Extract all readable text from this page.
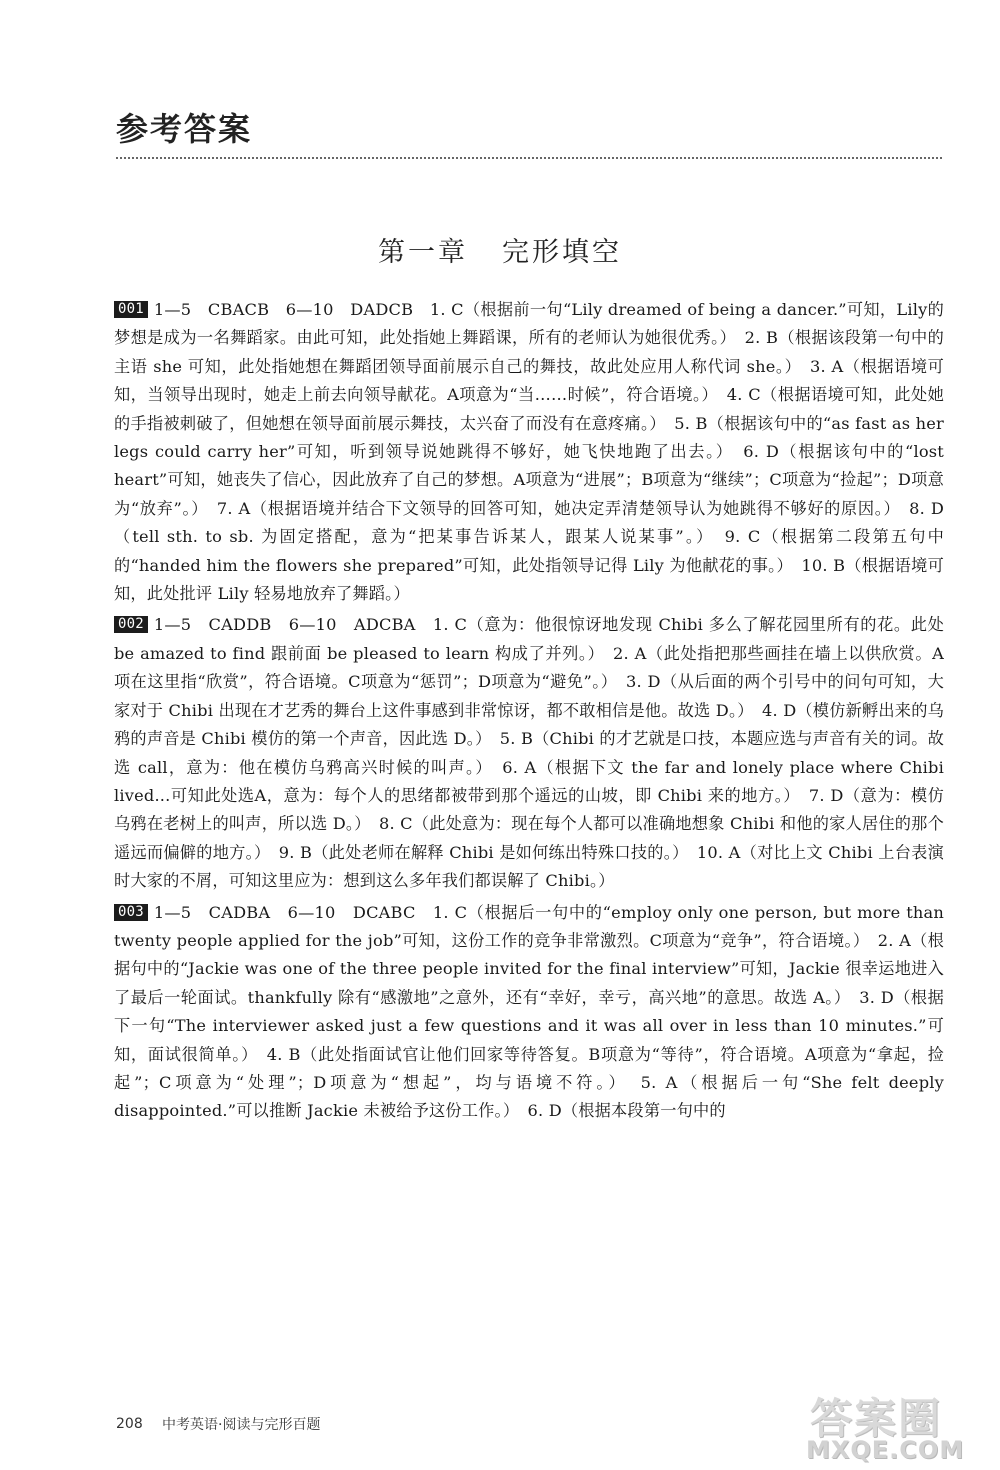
参考答案
第一章 完形填空

001 1—5　CBACB　6—10　DADCB　1. C（根据前一句“Lily dreamed of being a dancer.”可知，Lily的梦想是成为一名舞蹈家。由此可知，此处指她上舞蹈课，所有的老师认为她很优秀。）　2. B（根据该段第一句中的主语 she 可知，此处指她想在舞蹈团领导面前展示自己的舞技，故此处应用人称代词 she。）　3. A（根据语境可知，当领导出现时，她走上前去向领导献花。A项意为“当……时候”，符合语境。）　4. C（根据语境可知，此处她的手指被刺破了，但她想在领导面前展示舞技，太兴奋了而没有在意疼痛。）　5. B（根据该句中的“as fast as her legs could carry her”可知，听到领导说她跳得不够好，她飞快地跑了出去。）　6. D（根据该句中的“lost heart”可知，她丧失了信心，因此放弃了自己的梦想。A项意为“进展”；B项意为“继续”；C项意为“捡起”；D项意为“放弃”。）　7. A（根据语境并结合下文领导的回答可知，她决定弄清楚领导认为她跳得不够好的原因。）　8. D（tell sth. to sb. 为固定搭配，意为“把某事告诉某人，跟某人说某事”。）　9. C（根据第二段第五句中的“handed him the flowers she prepared”可知，此处指领导记得 Lily 为他献花的事。）　10. B（根据语境可知，此处批评 Lily 轻易地放弃了舞蹈。）

002 1—5　CADDB　6—10　ADCBA　1. C（意为：他很惊讶地发现 Chibi 多么了解花园里所有的花。此处 be amazed to find 跟前面 be pleased to learn 构成了并列。）　2. A（此处指把那些画挂在墙上以供欣赏。A项在这里指“欣赏”，符合语境。C项意为“惩罚”；D项意为“避免”。）　3. D（从后面的两个引号中的问句可知，大家对于 Chibi 出现在才艺秀的舞台上这件事感到非常惊讶，都不敢相信是他。故选 D。）　4. D（模仿新孵出来的乌鸦的声音是 Chibi 模仿的第一个声音，因此选 D。）　5. B（Chibi 的才艺就是口技，本题应选与声音有关的词。故选 call，意为：他在模仿乌鸦高兴时候的叫声。）　6. A（根据下文 the far and lonely place where Chibi lived...可知此处选A，意为：每个人的思绪都被带到那个遥远的山坡，即 Chibi 来的地方。）　7. D（意为：模仿乌鸦在老树上的叫声，所以选 D。）　8. C（此处意为：现在每个人都可以准确地想象 Chibi 和他的家人居住的那个遥远而偏僻的地方。）　9. B（此处老师在解释 Chibi 是如何练出特殊口技的。）　10. A（对比上文 Chibi 上台表演时大家的不屑，可知这里应为：想到这么多年我们都误解了 Chibi。）

003 1—5　CADBA　6—10　DCABC　1. C（根据后一句中的“employ only one person, but more than twenty people applied for the job”可知，这份工作的竞争非常激烈。C项意为“竞争”，符合语境。）　2. A（根据句中的“Jackie was one of the three people invited for the final interview”可知，Jackie 很幸运地进入了最后一轮面试。thankfully 除有“感激地”之意外，还有“幸好，幸亏，高兴地”的意思。故选 A。）　3. D（根据下一句“The interviewer asked just a few questions and it was all over in less than 10 minutes.”可知，面试很简单。）　4. B（此处指面试官让他们回家等待答复。B项意为“等待”，符合语境。A项意为“拿起，捡起”；C项意为“处理”；D项意为“想起”，均与语境不符。）　5. A（根据后一句“She felt deeply disappointed.”可以推断 Jackie 未被给予这份工作。）　6. D（根据本段第一句中的

208 中考英语·阅读与完形百题	答案圈
MXQE.COM
